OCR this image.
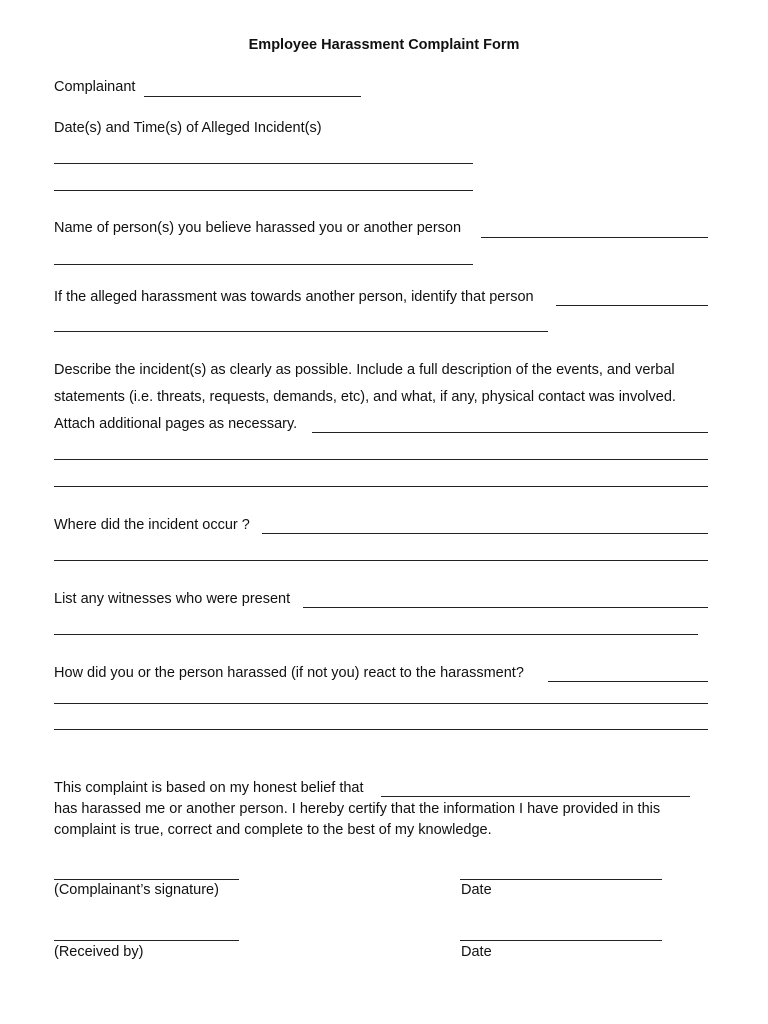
Employee Harassment Complaint Form
Complainant
Date(s) and Time(s) of Alleged Incident(s)
Name of person(s) you believe harassed you or another person
If the alleged harassment was towards another person, identify that person
Describe the incident(s) as clearly as possible. Include a full description of the events, and verbal
statements (i.e. threats, requests, demands, etc), and what, if any, physical contact was involved.
Attach additional pages as necessary.
Where did the incident occur ?
List any witnesses who were present
How did you or the person harassed (if not you) react to the harassment?
This complaint is based on my honest belief that
has harassed me or another person. I hereby certify that the information I have provided in this
complaint is true, correct and complete to the best of my knowledge.
(Complainant’s signature)	Date
(Received by)	Date
